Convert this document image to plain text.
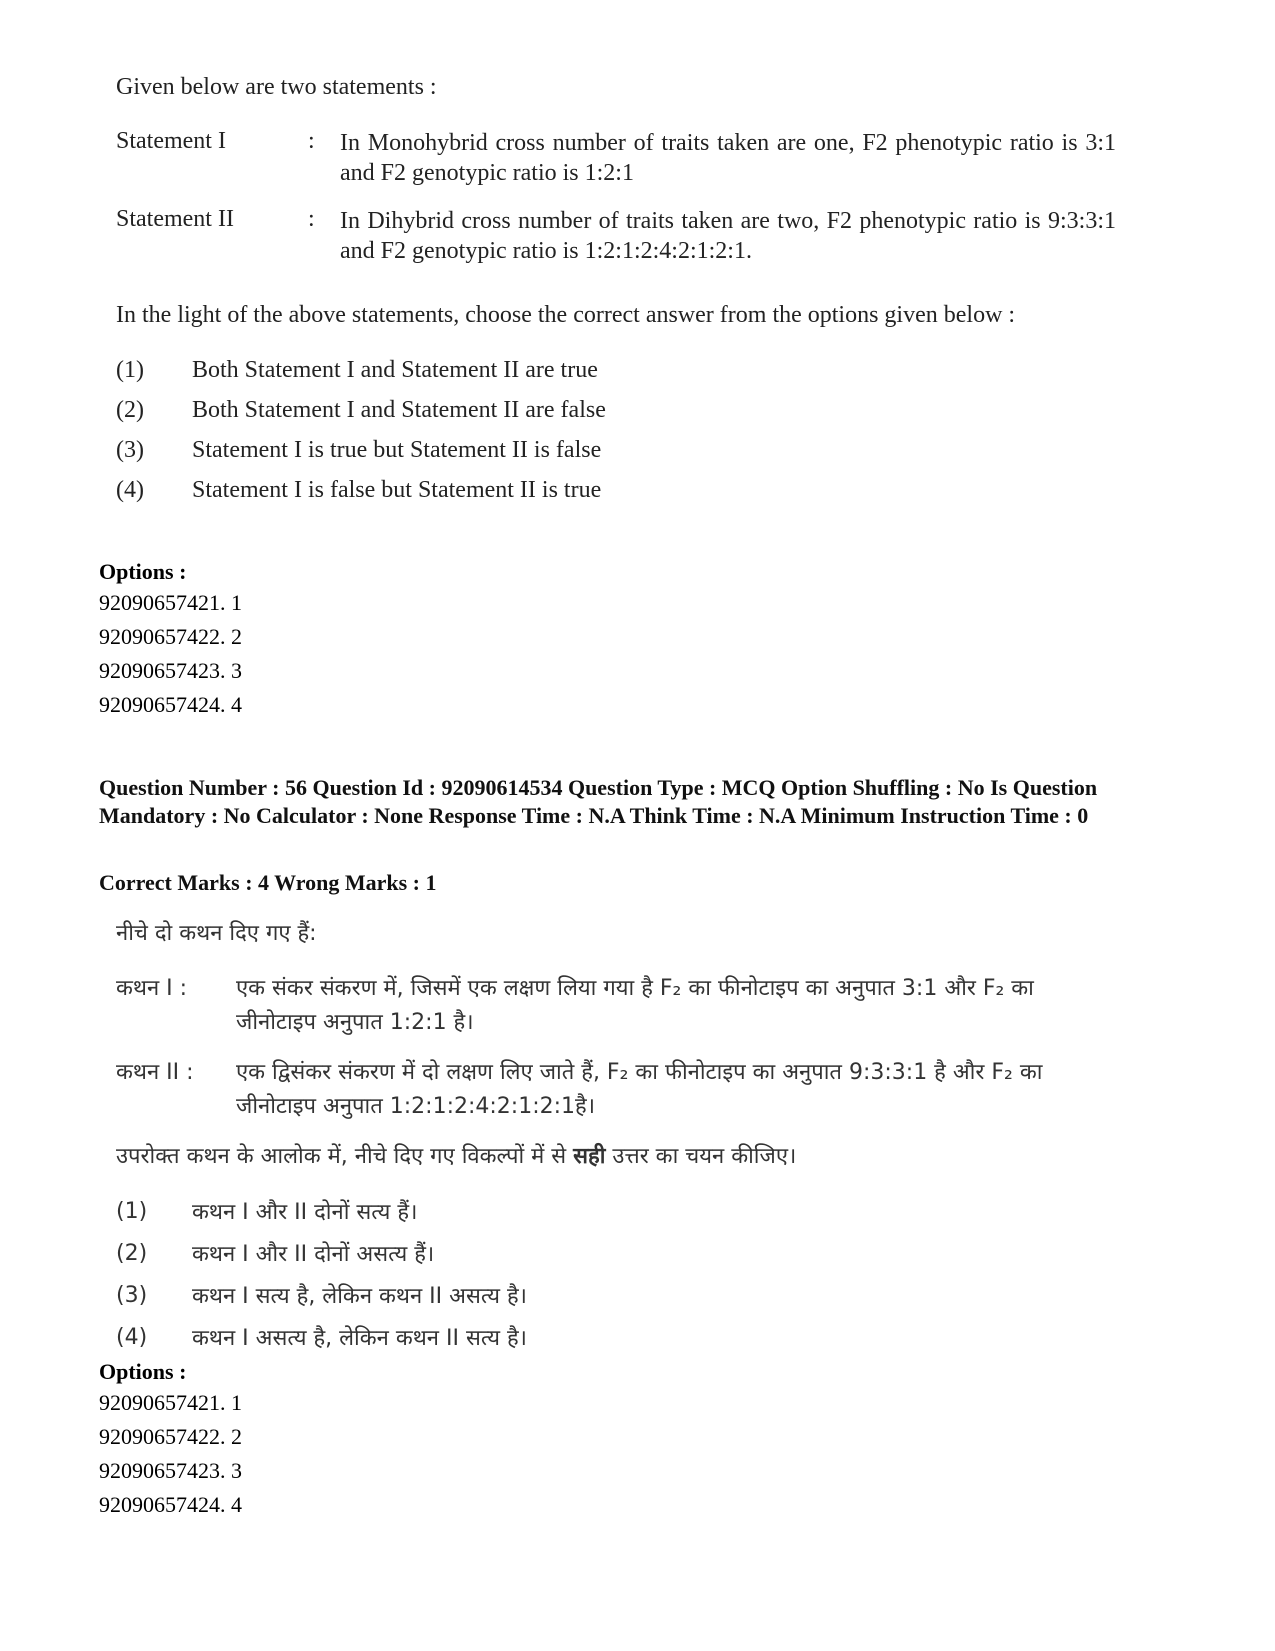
Given below are two statements :

Statement I	:	In Monohybrid cross number of traits taken are one, F2 phenotypic ratio is 3:1 and F2 genotypic ratio is 1:2:1
Statement II	:	In Dihybrid cross number of traits taken are two, F2 phenotypic ratio is 9:3:3:1 and F2 genotypic ratio is 1:2:1:2:4:2:1:2:1.

In the light of the above statements, choose the correct answer from the options given below :

(1)	Both Statement I and Statement II are true
(2)	Both Statement I and Statement II are false
(3)	Statement I is true but Statement II is false
(4)	Statement I is false but Statement II is true
Options :
92090657421. 1
92090657422. 2
92090657423. 3
92090657424. 4
Question Number : 56 Question Id : 92090614534 Question Type : MCQ Option Shuffling : No Is Question Mandatory : No Calculator : None Response Time : N.A Think Time : N.A Minimum Instruction Time : 0
Correct Marks : 4 Wrong Marks : 1

नीचे दो कथन दिए गए हैं:

कथन I :	एक संकर संकरण में, जिसमें एक लक्षण लिया गया है F₂ का फीनोटाइप का अनुपात 3:1 और F₂ का जीनोटाइप अनुपात 1:2:1 है।
कथन II :	एक द्विसंकर संकरण में दो लक्षण लिए जाते हैं, F₂ का फीनोटाइप का अनुपात 9:3:3:1 है और F₂ का जीनोटाइप अनुपात 1:2:1:2:4:2:1:2:1है।

उपरोक्त कथन के आलोक में, नीचे दिए गए विकल्पों में से सही उत्तर का चयन कीजिए।

(1)	कथन I और II दोनों सत्य हैं।
(2)	कथन I और II दोनों असत्य हैं।
(3)	कथन I सत्य है, लेकिन कथन II असत्य है।
(4)	कथन I असत्य है, लेकिन कथन II सत्य है।
Options :
92090657421. 1
92090657422. 2
92090657423. 3
92090657424. 4
